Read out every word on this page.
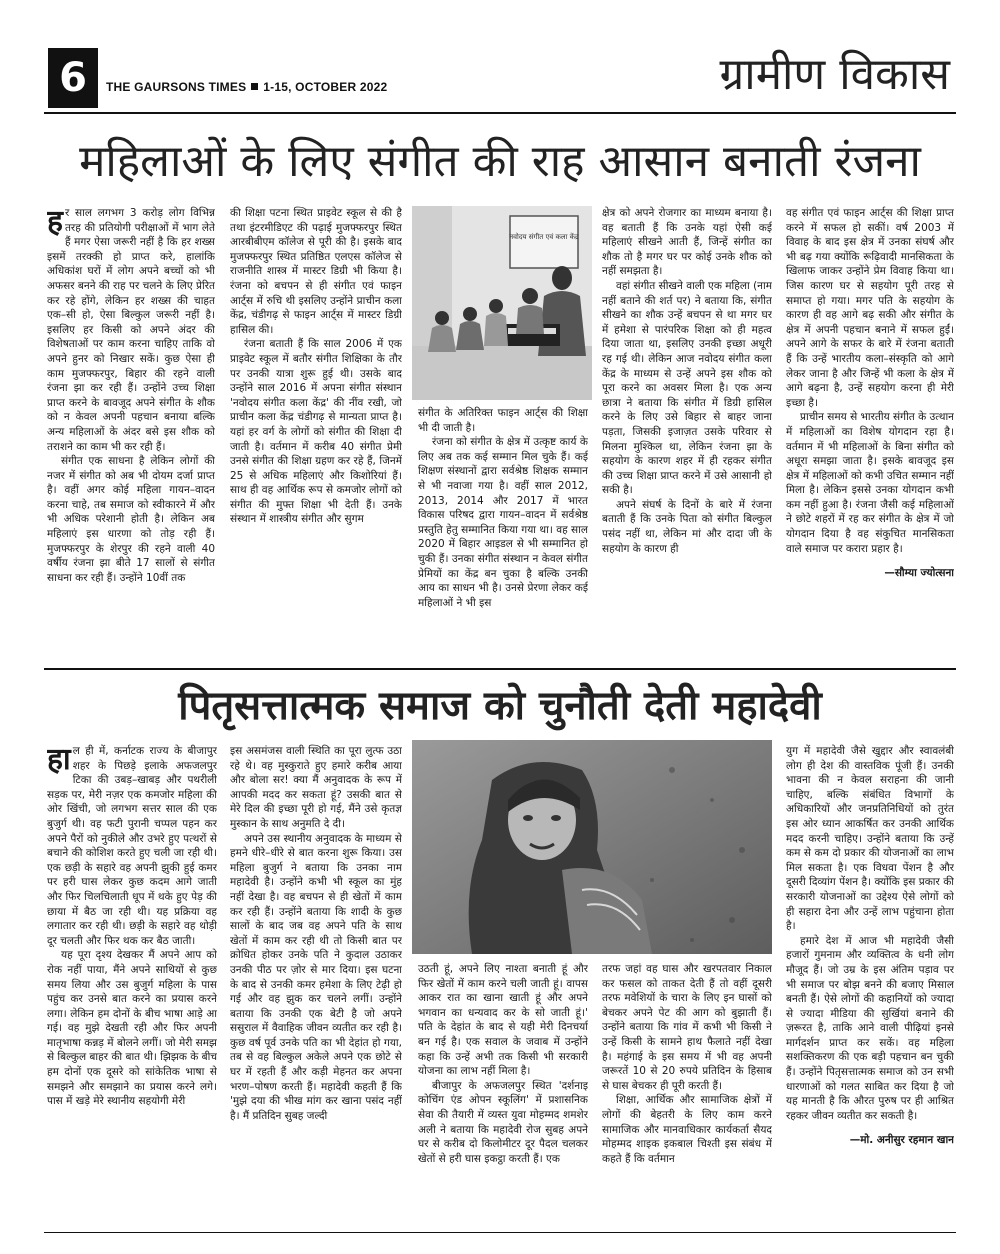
6	THE GAURSONS TIMES 1-15, OCTOBER 2022	ग्रामीण विकास
महिलाओं के लिए संगीत की राह आसान बनाती रंजना

हर साल लगभग 3 करोड़ लोग विभिन्न तरह की प्रतियोगी परीक्षाओं में भाग लेते हैं मगर ऐसा जरूरी नहीं है कि हर शख्स इसमें तरक्की हो प्राप्त करे, हालांकि अधिकांश घरों में लोग अपने बच्चों को भी अफसर बनने की राह पर चलने के लिए प्रेरित कर रहे होंगे, लेकिन हर शख्स की चाहत एक–सी हो, ऐसा बिल्कुल जरूरी नहीं है। इसलिए हर किसी को अपने अंदर की विशेषताओं पर काम करना चाहिए ताकि वो अपने हुनर को निखार सकें। कुछ ऐसा ही काम मुजफ्फरपुर, बिहार की रहने वाली रंजना झा कर रही हैं। उन्होंने उच्च शिक्षा प्राप्त करने के बावजूद अपने संगीत के शौक को न केवल अपनी पहचान बनाया बल्कि अन्य महिलाओं के अंदर बसे इस शौक को तराशने का काम भी कर रही हैं।

संगीत एक साधना है लेकिन लोगों की नजर में संगीत को अब भी दोयम दर्जा प्राप्त है। वहीं अगर कोई महिला गायन–वादन करना चाहे, तब समाज को स्वीकारने में और भी अधिक परेशानी होती है। लेकिन अब महिलाएं इस धारणा को तोड़ रही हैं। मुजफ्फरपुर के शेरपुर की रहने वाली 40 वर्षीय रंजना झा बीते 17 सालों से संगीत साधना कर रही हैं। उन्होंने 10वीं तक

की शिक्षा पटना स्थित प्राइवेट स्कूल से की है तथा इंटरमीडिएट की पढ़ाई मुजफ्फरपुर स्थित आरबीबीएम कॉलेज से पूरी की है। इसके बाद मुजफ्फरपुर स्थित प्रतिष्ठित एलएस कॉलेज से राजनीति शास्त्र में मास्टर डिग्री भी किया है। रंजना को बचपन से ही संगीत एवं फाइन आर्ट्स में रुचि थी इसलिए उन्होंने प्राचीन कला केंद्र, चंडीगढ़ से फाइन आर्ट्स में मास्टर डिग्री हासिल की।

रंजना बताती हैं कि साल 2006 में एक प्राइवेट स्कूल में बतौर संगीत शिक्षिका के तौर पर उनकी यात्रा शुरू हुई थी। उसके बाद उन्होंने साल 2016 में अपना संगीत संस्थान 'नवोदय संगीत कला केंद्र' की नींव रखी, जो प्राचीन कला केंद्र चंडीगढ़ से मान्यता प्राप्त है। यहां हर वर्ग के लोगों को संगीत की शिक्षा दी जाती है। वर्तमान में करीब 40 संगीत प्रेमी उनसे संगीत की शिक्षा ग्रहण कर रहे हैं, जिनमें 25 से अधिक महिलाएं और किशोरियां हैं। साथ ही वह आर्थिक रूप से कमजोर लोगों को संगीत की मुफ्त शिक्षा भी देती हैं। उनके संस्थान में शास्त्रीय संगीत और सुगम

नवोदय संगीत एवं कला केंद्र

संगीत के अतिरिक्त फाइन आर्ट्स की शिक्षा भी दी जाती है।

रंजना को संगीत के क्षेत्र में उत्कृष्ट कार्य के लिए अब तक कई सम्मान मिल चुके हैं। कई शिक्षण संस्थानों द्वारा सर्वश्रेष्ठ शिक्षक सम्मान से भी नवाजा गया है। वहीं साल 2012, 2013, 2014 और 2017 में भारत विकास परिषद द्वारा गायन–वादन में सर्वश्रेष्ठ प्रस्तुति हेतु सम्मानित किया गया था। वह साल 2020 में बिहार आइडल से भी सम्मानित हो चुकी हैं। उनका संगीत संस्थान न केवल संगीत प्रेमियों का केंद्र बन चुका है बल्कि उनकी आय का साधन भी है। उनसे प्रेरणा लेकर कई महिलाओं ने भी इस

क्षेत्र को अपने रोजगार का माध्यम बनाया है। वह बताती हैं कि उनके यहां ऐसी कई महिलाएं सीखने आती हैं, जिन्हें संगीत का शौक तो है मगर घर पर कोई उनके शौक को नहीं समझता है।

वहां संगीत सीखने वाली एक महिला (नाम नहीं बताने की शर्त पर) ने बताया कि, संगीत सीखने का शौक उन्हें बचपन से था मगर घर में हमेशा से पारंपरिक शिक्षा को ही महत्व दिया जाता था, इसलिए उनकी इच्छा अधूरी रह गई थी। लेकिन आज नवोदय संगीत कला केंद्र के माध्यम से उन्हें अपने इस शौक को पूरा करने का अवसर मिला है। एक अन्य छात्रा ने बताया कि संगीत में डिग्री हासिल करने के लिए उसे बिहार से बाहर जाना पड़ता, जिसकी इजाज़त उसके परिवार से मिलना मुश्किल था, लेकिन रंजना झा के सहयोग के कारण शहर में ही रहकर संगीत की उच्च शिक्षा प्राप्त करने में उसे आसानी हो सकी है।

अपने संघर्ष के दिनों के बारे में रंजना बताती हैं कि उनके पिता को संगीत बिल्कुल पसंद नहीं था, लेकिन मां और दादा जी के सहयोग के कारण ही

वह संगीत एवं फाइन आर्ट्स की शिक्षा प्राप्त करने में सफल हो सकीं। वर्ष 2003 में विवाह के बाद इस क्षेत्र में उनका संघर्ष और भी बढ़ गया क्योंकि रूढ़िवादी मानसिकता के खिलाफ जाकर उन्होंने प्रेम विवाह किया था। जिस कारण घर से सहयोग पूरी तरह से समाप्त हो गया। मगर पति के सहयोग के कारण ही वह आगे बढ़ सकी और संगीत के क्षेत्र में अपनी पहचान बनाने में सफल हुईं। अपने आगे के सफर के बारे में रंजना बताती हैं कि उन्हें भारतीय कला–संस्कृति को आगे लेकर जाना है और जिन्हें भी कला के क्षेत्र में आगे बढ़ना है, उन्हें सहयोग करना ही मेरी इच्छा है।

प्राचीन समय से भारतीय संगीत के उत्थान में महिलाओं का विशेष योगदान रहा है। वर्तमान में भी महिलाओं के बिना संगीत को अधूरा समझा जाता है। इसके बावजूद इस क्षेत्र में महिलाओं को कभी उचित सम्मान नहीं मिला है। लेकिन इससे उनका योगदान कभी कम नहीं हुआ है। रंजना जैसी कई महिलाओं ने छोटे शहरों में रह कर संगीत के क्षेत्र में जो योगदान दिया है वह संकुचित मानसिकता वाले समाज पर करारा प्रहार है।

—सौम्या ज्योत्सना

पितृसत्तात्मक समाज को चुनौती देती महादेवी

हाल ही में, कर्नाटक राज्य के बीजापुर शहर के पिछड़े इलाके अफजलपुर टिका की उबड़–खाबड़ और पथरीली सड़क पर, मेरी नज़र एक कमजोर महिला की ओर खिंची, जो लगभग सत्तर साल की एक बुजुर्ग थी। वह फटी पुरानी चप्पल पहन कर अपने पैरों को नुकीले और उभरे हुए पत्थरों से बचाने की कोशिश करते हुए चली जा रही थी। एक छड़ी के सहारे वह अपनी झुकी हुई कमर पर हरी घास लेकर कुछ कदम आगे जाती और फिर चिलचिलाती धूप में थके हुए पेड़ की छाया में बैठ जा रही थी। यह प्रक्रिया वह लगातार कर रही थी। छड़ी के सहारे वह थोड़ी दूर चलती और फिर थक कर बैठ जाती।

यह पूरा दृश्य देखकर मैं अपने आप को रोक नहीं पाया, मैंने अपने साथियों से कुछ समय लिया और उस बुजुर्ग महिला के पास पहुंच कर उनसे बात करने का प्रयास करने लगा। लेकिन हम दोनों के बीच भाषा आड़े आ गई। वह मुझे देखती रही और फिर अपनी मातृभाषा कन्नड़ में बोलने लगीं। जो मेरी समझ से बिल्कुल बाहर की बात थी। झिझक के बीच हम दोनों एक दूसरे को सांकेतिक भाषा से समझने और समझाने का प्रयास करने लगे। पास में खड़े मेरे स्थानीय सहयोगी मेरी

इस असमंजस वाली स्थिति का पूरा लुत्फ उठा रहे थे। वह मुस्कुराते हुए हमारे करीब आया और बोला सर! क्या मैं अनुवादक के रूप में आपकी मदद कर सकता हूं? उसकी बात से मेरे दिल की इच्छा पूरी हो गई, मैंने उसे कृतज्ञ मुस्कान के साथ अनुमति दे दी।

अपने उस स्थानीय अनुवादक के माध्यम से हमने धीरे–धीरे से बात करना शुरू किया। उस महिला बुजुर्ग ने बताया कि उनका नाम महादेवी है। उन्होंने कभी भी स्कूल का मुंह नहीं देखा है। वह बचपन से ही खेतों में काम कर रही हैं। उन्होंने बताया कि शादी के कुछ सालों के बाद जब वह अपने पति के साथ खेतों में काम कर रही थी तो किसी बात पर क्रोधित होकर उनके पति ने कुदाल उठाकर उनकी पीठ पर ज़ोर से मार दिया। इस घटना के बाद से उनकी कमर हमेशा के लिए टेढ़ी हो गई और वह झुक कर चलने लगीं। उन्होंने बताया कि उनकी एक बेटी है जो अपने ससुराल में वैवाहिक जीवन व्यतीत कर रही है। कुछ वर्ष पूर्व उनके पति का भी देहांत हो गया, तब से वह बिल्कुल अकेले अपने एक छोटे से घर में रहती हैं और कड़ी मेहनत कर अपना भरण–पोषण करती हैं। महादेवी कहती हैं कि 'मुझे दया की भीख मांग कर खाना पसंद नहीं है। मैं प्रतिदिन सुबह जल्दी

उठती हूं, अपने लिए नाश्ता बनाती हूं और फिर खेतों में काम करने चली जाती हूं। वापस आकर रात का खाना खाती हूं और अपने भगवान का धन्यवाद कर के सो जाती हूं।' पति के देहांत के बाद से यही मेरी दिनचर्या बन गई है। एक सवाल के जवाब में उन्होंने कहा कि उन्हें अभी तक किसी भी सरकारी योजना का लाभ नहीं मिला है।

बीजापुर के अफजलपुर स्थित 'दर्शनाइ कोचिंग एंड ओपन स्कूलिंग' में प्रशासनिक सेवा की तैयारी में व्यस्त युवा मोहम्मद शमशेर अली ने बताया कि महादेवी रोज सुबह अपने घर से करीब दो किलोमीटर दूर पैदल चलकर खेतों से हरी घास इकट्ठा करती हैं। एक

तरफ जहां वह घास और खरपतवार निकाल कर फसल को ताकत देती हैं तो वहीं दूसरी तरफ मवेशियों के चारा के लिए इन घासों को बेचकर अपने पेट की आग को बुझाती हैं। उन्होंने बताया कि गांव में कभी भी किसी ने उन्हें किसी के सामने हाथ फैलाते नहीं देखा है। महंगाई के इस समय में भी वह अपनी जरूरतें 10 से 20 रुपये प्रतिदिन के हिसाब से घास बेचकर ही पूरी करती हैं।

शिक्षा, आर्थिक और सामाजिक क्षेत्रों में लोगों की बेहतरी के लिए काम करने सामाजिक और मानवाधिकार कार्यकर्ता सैयद मोहम्मद शाइक इकबाल चिश्ती इस संबंध में कहते हैं कि वर्तमान

युग में महादेवी जैसे खुद्दार और स्वावलंबी लोग ही देश की वास्तविक पूंजी हैं। उनकी भावना की न केवल सराहना की जानी चाहिए, बल्कि संबंधित विभागों के अधिकारियों और जनप्रतिनिधियों को तुरंत इस ओर ध्यान आकर्षित कर उनकी आर्थिक मदद करनी चाहिए। उन्होंने बताया कि उन्हें कम से कम दो प्रकार की योजनाओं का लाभ मिल सकता है। एक विधवा पेंशन है और दूसरी दिव्यांग पेंशन है। क्योंकि इस प्रकार की सरकारी योजनाओं का उद्देश्य ऐसे लोगों को ही सहारा देना और उन्हें लाभ पहुंचाना होता है।

हमारे देश में आज भी महादेवी जैसी हजारों गुमनाम और व्यक्तित्व के धनी लोग मौजूद हैं। जो उम्र के इस अंतिम पड़ाव पर भी समाज पर बोझ बनने की बजाए मिसाल बनती हैं। ऐसे लोगों की कहानियों को ज्यादा से ज्यादा मीडिया की सुर्खियां बनाने की ज़रूरत है, ताकि आने वाली पीढ़ियां इनसे मार्गदर्शन प्राप्त कर सकें। वह महिला सशक्तिकरण की एक बड़ी पहचान बन चुकी हैं। उन्होंने पितृसत्तात्मक समाज को उन सभी धारणाओं को गलत साबित कर दिया है जो यह मानती है कि औरत पुरुष पर ही आश्रित रहकर जीवन व्यतीत कर सकती है।

—मो. अनीसुर रहमान खान
